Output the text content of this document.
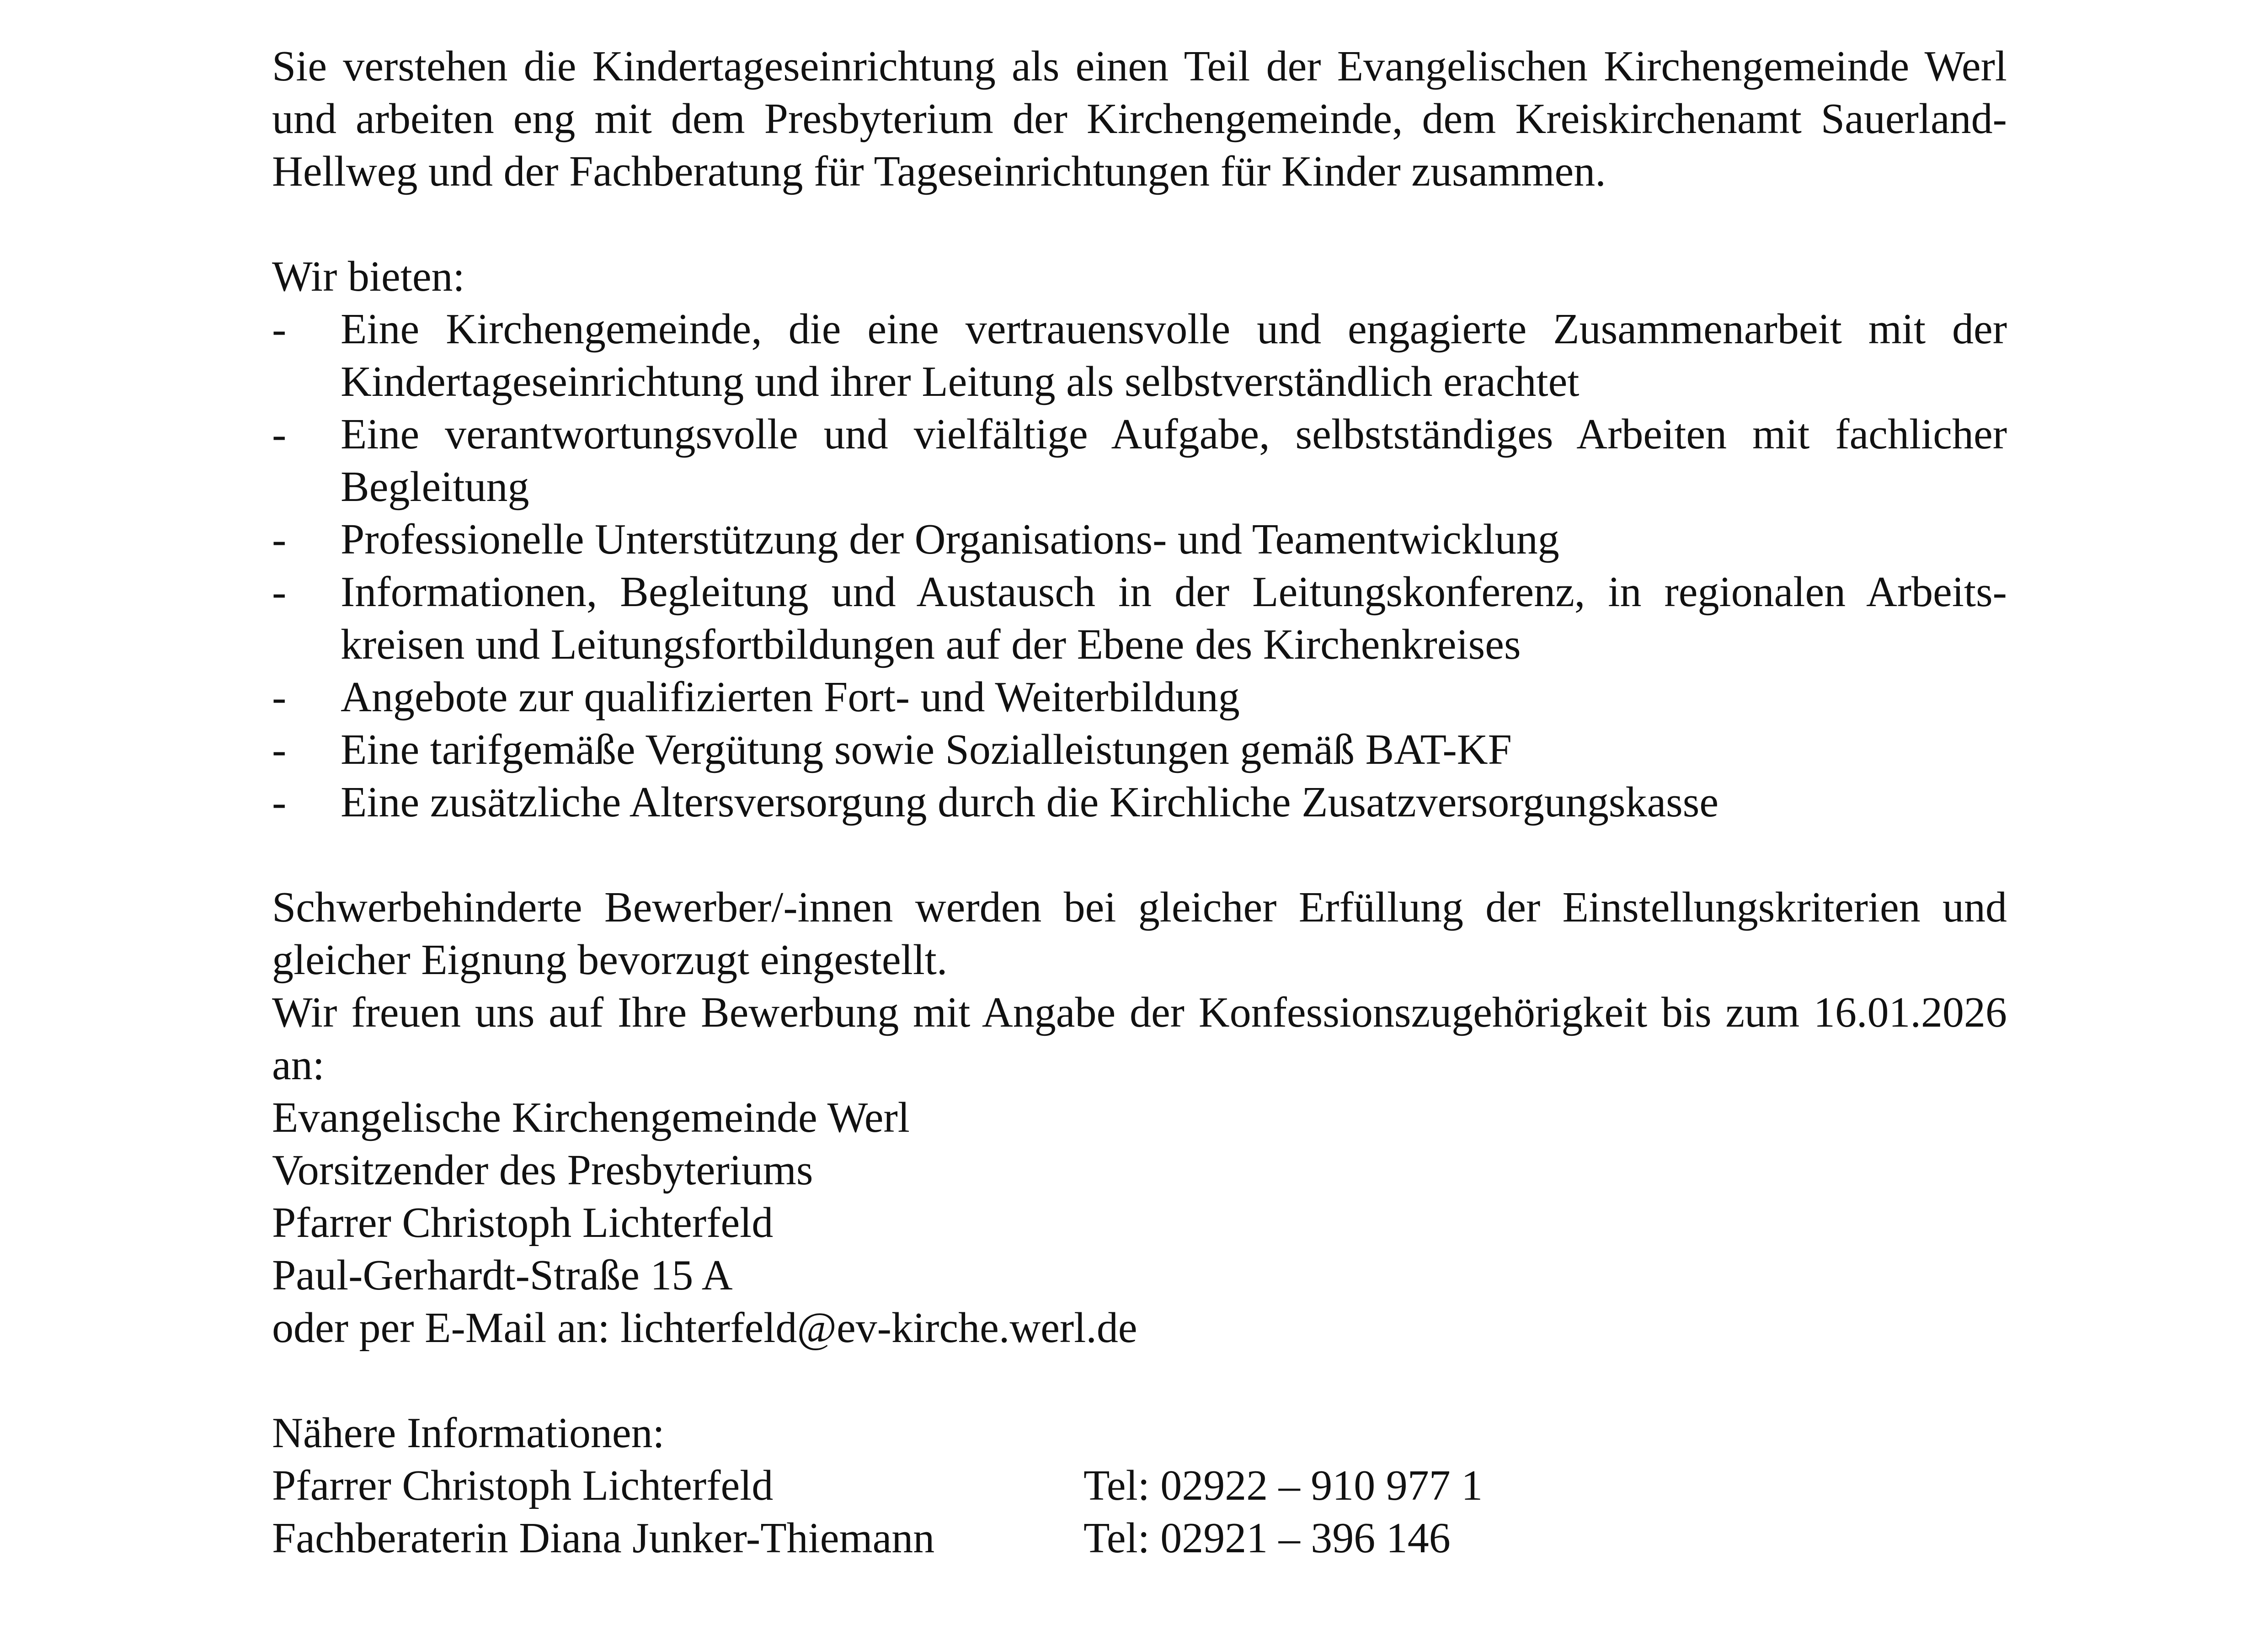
Sie verstehen die Kindertageseinrichtung als einen Teil der Evangelischen Kirchengemeinde Werl und arbeiten eng mit dem Presbyterium der Kirchengemeinde, dem Kreiskirchenamt Sauerland-Hellweg und der Fachberatung für Tageseinrichtungen für Kinder zusammen.

Wir bieten:

- Eine Kirchengemeinde, die eine vertrauensvolle und engagierte Zusammenarbeit mit der Kindertageseinrichtung und ihrer Leitung als selbstverständlich erachtet
- Eine verantwortungsvolle und vielfältige Aufgabe, selbstständiges Arbeiten mit fachlicher Begleitung
- Professionelle Unterstützung der Organisations- und Teamentwicklung
- Informationen, Begleitung und Austausch in der Leitungskonferenz, in regionalen Arbeits-kreisen und Leitungsfortbildungen auf der Ebene des Kirchenkreises
- Angebote zur qualifizierten Fort- und Weiterbildung
- Eine tarifgemäße Vergütung sowie Sozialleistungen gemäß BAT-KF
- Eine zusätzliche Altersversorgung durch die Kirchliche Zusatzversorgungskasse

Schwerbehinderte Bewerber/-innen werden bei gleicher Erfüllung der Einstellungskriterien und gleicher Eignung bevorzugt eingestellt.

Wir freuen uns auf Ihre Bewerbung mit Angabe der Konfessionszugehörigkeit bis zum 16.01.2026 an:

Evangelische Kirchengemeinde Werl

Vorsitzender des Presbyteriums

Pfarrer Christoph Lichterfeld

Paul-Gerhardt-Straße 15 A

oder per E-Mail an: lichterfeld@ev-kirche.werl.de

Nähere Informationen:

Pfarrer Christoph Lichterfeld	Tel: 02922 – 910 977 1
Fachberaterin Diana Junker-Thiemann	Tel: 02921 – 396 146
